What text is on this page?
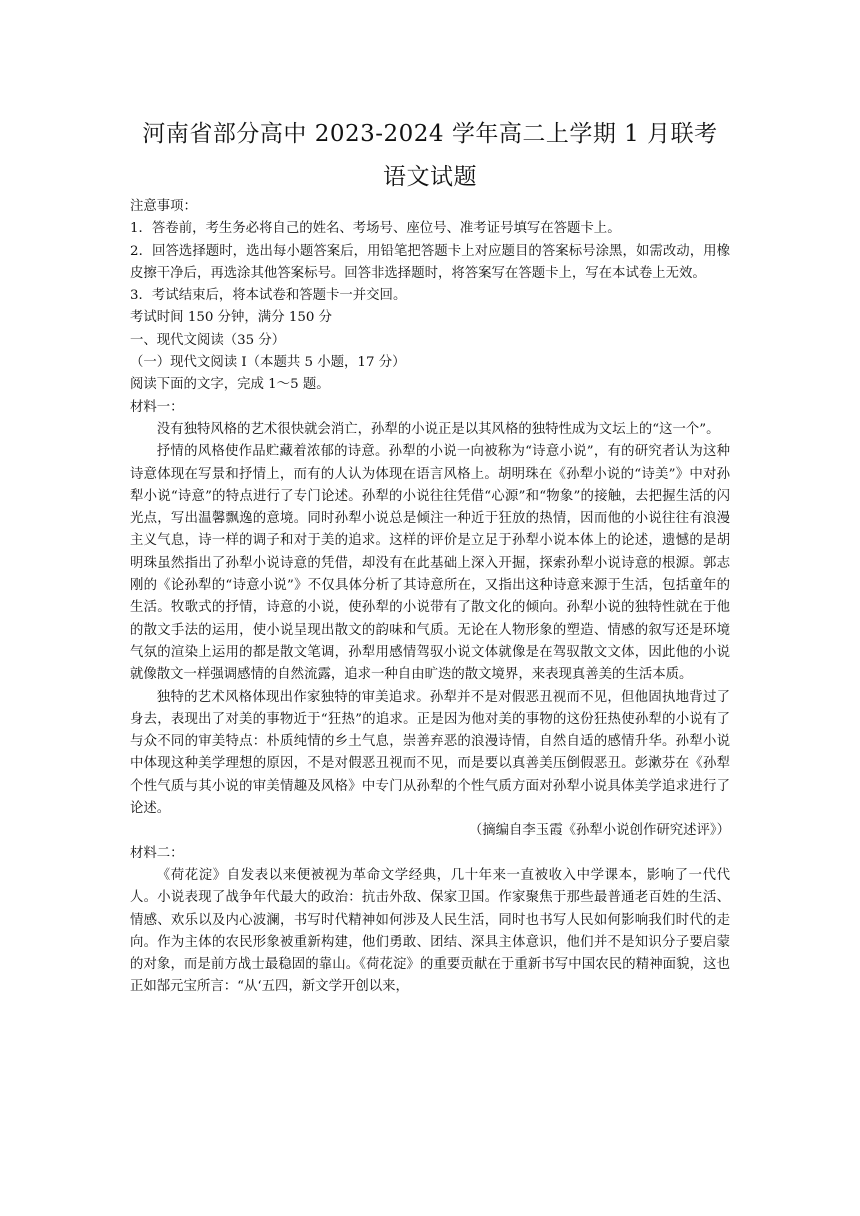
河南省部分高中 2023-2024 学年高二上学期 1 月联考
语文试题

注意事项：

1．答卷前，考生务必将自己的姓名、考场号、座位号、准考证号填写在答题卡上。

2．回答选择题时，选出每小题答案后，用铅笔把答题卡上对应题目的答案标号涂黑，如需改动，用橡皮擦干净后，再选涂其他答案标号。回答非选择题时，将答案写在答题卡上，写在本试卷上无效。

3．考试结束后，将本试卷和答题卡一并交回。

考试时间 150 分钟，满分 150 分

一、现代文阅读（35 分）

（一）现代文阅读 I（本题共 5 小题，17 分）

阅读下面的文字，完成 1～5 题。

材料一：

没有独特风格的艺术很快就会消亡，孙犁的小说正是以其风格的独特性成为文坛上的“这一个”。

抒情的风格使作品贮藏着浓郁的诗意。孙犁的小说一向被称为“诗意小说”，有的研究者认为这种诗意体现在写景和抒情上，而有的人认为体现在语言风格上。胡明珠在《孙犁小说的“诗美”》中对孙犁小说“诗意”的特点进行了专门论述。孙犁的小说往往凭借“心源”和“物象”的接触，去把握生活的闪光点，写出温馨飘逸的意境。同时孙犁小说总是倾注一种近于狂放的热情，因而他的小说往往有浪漫主义气息，诗一样的调子和对于美的追求。这样的评价是立足于孙犁小说本体上的论述，遗憾的是胡明珠虽然指出了孙犁小说诗意的凭借，却没有在此基础上深入开掘，探索孙犁小说诗意的根源。郭志刚的《论孙犁的“诗意小说”》不仅具体分析了其诗意所在，又指出这种诗意来源于生活，包括童年的生活。牧歌式的抒情，诗意的小说，使孙犁的小说带有了散文化的倾向。孙犁小说的独特性就在于他的散文手法的运用，使小说呈现出散文的韵味和气质。无论在人物形象的塑造、情感的叙写还是环境气氛的渲染上运用的都是散文笔调，孙犁用感情驾驭小说文体就像是在驾驭散文文体，因此他的小说就像散文一样强调感情的自然流露，追求一种自由旷迭的散文境界，来表现真善美的生活本质。

独特的艺术风格体现出作家独特的审美追求。孙犁并不是对假恶丑视而不见，但他固执地背过了身去，表现出了对美的事物近于“狂热”的追求。正是因为他对美的事物的这份狂热使孙犁的小说有了与众不同的审美特点：朴质纯情的乡土气息，崇善弃恶的浪漫诗情，自然自适的感情升华。孙犁小说中体现这种美学理想的原因，不是对假恶丑视而不见，而是要以真善美压倒假恶丑。彭漱芬在《孙犁个性气质与其小说的审美情趣及风格》中专门从孙犁的个性气质方面对孙犁小说具体美学追求进行了论述。

（摘编自李玉霞《孙犁小说创作研究述评》）

材料二：

《荷花淀》自发表以来便被视为革命文学经典，几十年来一直被收入中学课本，影响了一代代人。小说表现了战争年代最大的政治：抗击外敌、保家卫国。作家聚焦于那些最普通老百姓的生活、情感、欢乐以及内心波澜，书写时代精神如何涉及人民生活，同时也书写人民如何影响我们时代的走向。作为主体的农民形象被重新构建，他们勇敢、团结、深具主体意识，他们并不是知识分子要启蒙的对象，而是前方战士最稳固的靠山。《荷花淀》的重要贡献在于重新书写中国农民的精神面貌，这也正如郜元宝所言：“从‘五四，新文学开创以来，
